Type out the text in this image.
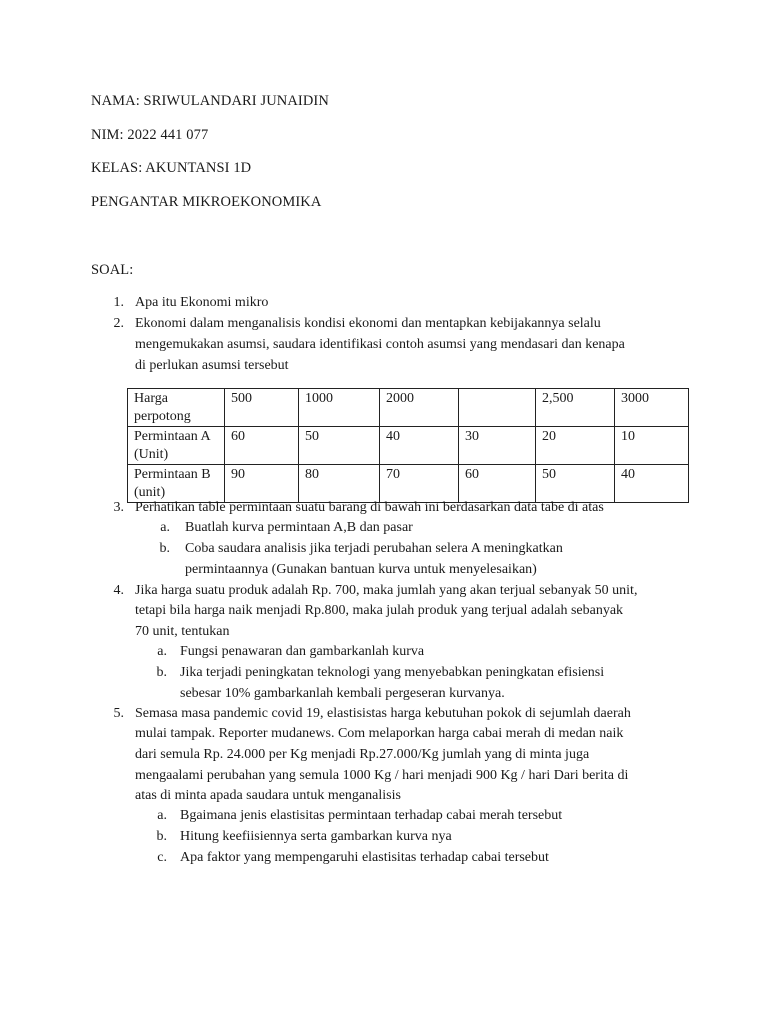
NAMA: SRIWULANDARI JUNAIDIN
NIM: 2022 441 077
KELAS: AKUNTANSI 1D
PENGANTAR MIKROEKONOMIKA
SOAL:
1. Apa itu Ekonomi mikro
2. Ekonomi dalam menganalisis kondisi ekonomi dan mentapkan kebijakannya selalu
mengemukakan asumsi, saudara identifikasi contoh asumsi yang mendasari dan kenapa
di perlukan asumsi tersebut
Harga perpotong	500	1000	2000		2,500	3000
Permintaan A (Unit)	60	50	40	30	20	10
Permintaan B (unit)	90	80	70	60	50	40
3. Perhatikan table permintaan suatu barang di bawah ini berdasarkan data tabe di atas
a. Buatlah kurva permintaan A,B dan pasar
b. Coba saudara analisis jika terjadi perubahan selera A meningkatkan
permintaannya (Gunakan bantuan kurva untuk menyelesaikan)
4. Jika harga suatu produk adalah Rp. 700, maka jumlah yang akan terjual sebanyak 50 unit,
tetapi bila harga naik menjadi Rp.800, maka julah produk yang terjual adalah sebanyak
70 unit, tentukan
a. Fungsi penawaran dan gambarkanlah kurva
b. Jika terjadi peningkatan teknologi yang menyebabkan peningkatan efisiensi
sebesar 10% gambarkanlah kembali pergeseran kurvanya.
5. Semasa masa pandemic covid 19, elastisistas harga kebutuhan pokok di sejumlah daerah
mulai tampak. Reporter mudanews. Com melaporkan harga cabai merah di medan naik
dari semula Rp. 24.000 per Kg menjadi Rp.27.000/Kg jumlah yang di minta juga
mengaalami perubahan yang semula 1000 Kg / hari menjadi 900 Kg / hari Dari berita di
atas di minta apada saudara untuk menganalisis
a. Bgaimana jenis elastisitas permintaan terhadap cabai merah tersebut
b. Hitung keefiisiennya serta gambarkan kurva nya
c. Apa faktor yang mempengaruhi elastisitas terhadap cabai tersebut
